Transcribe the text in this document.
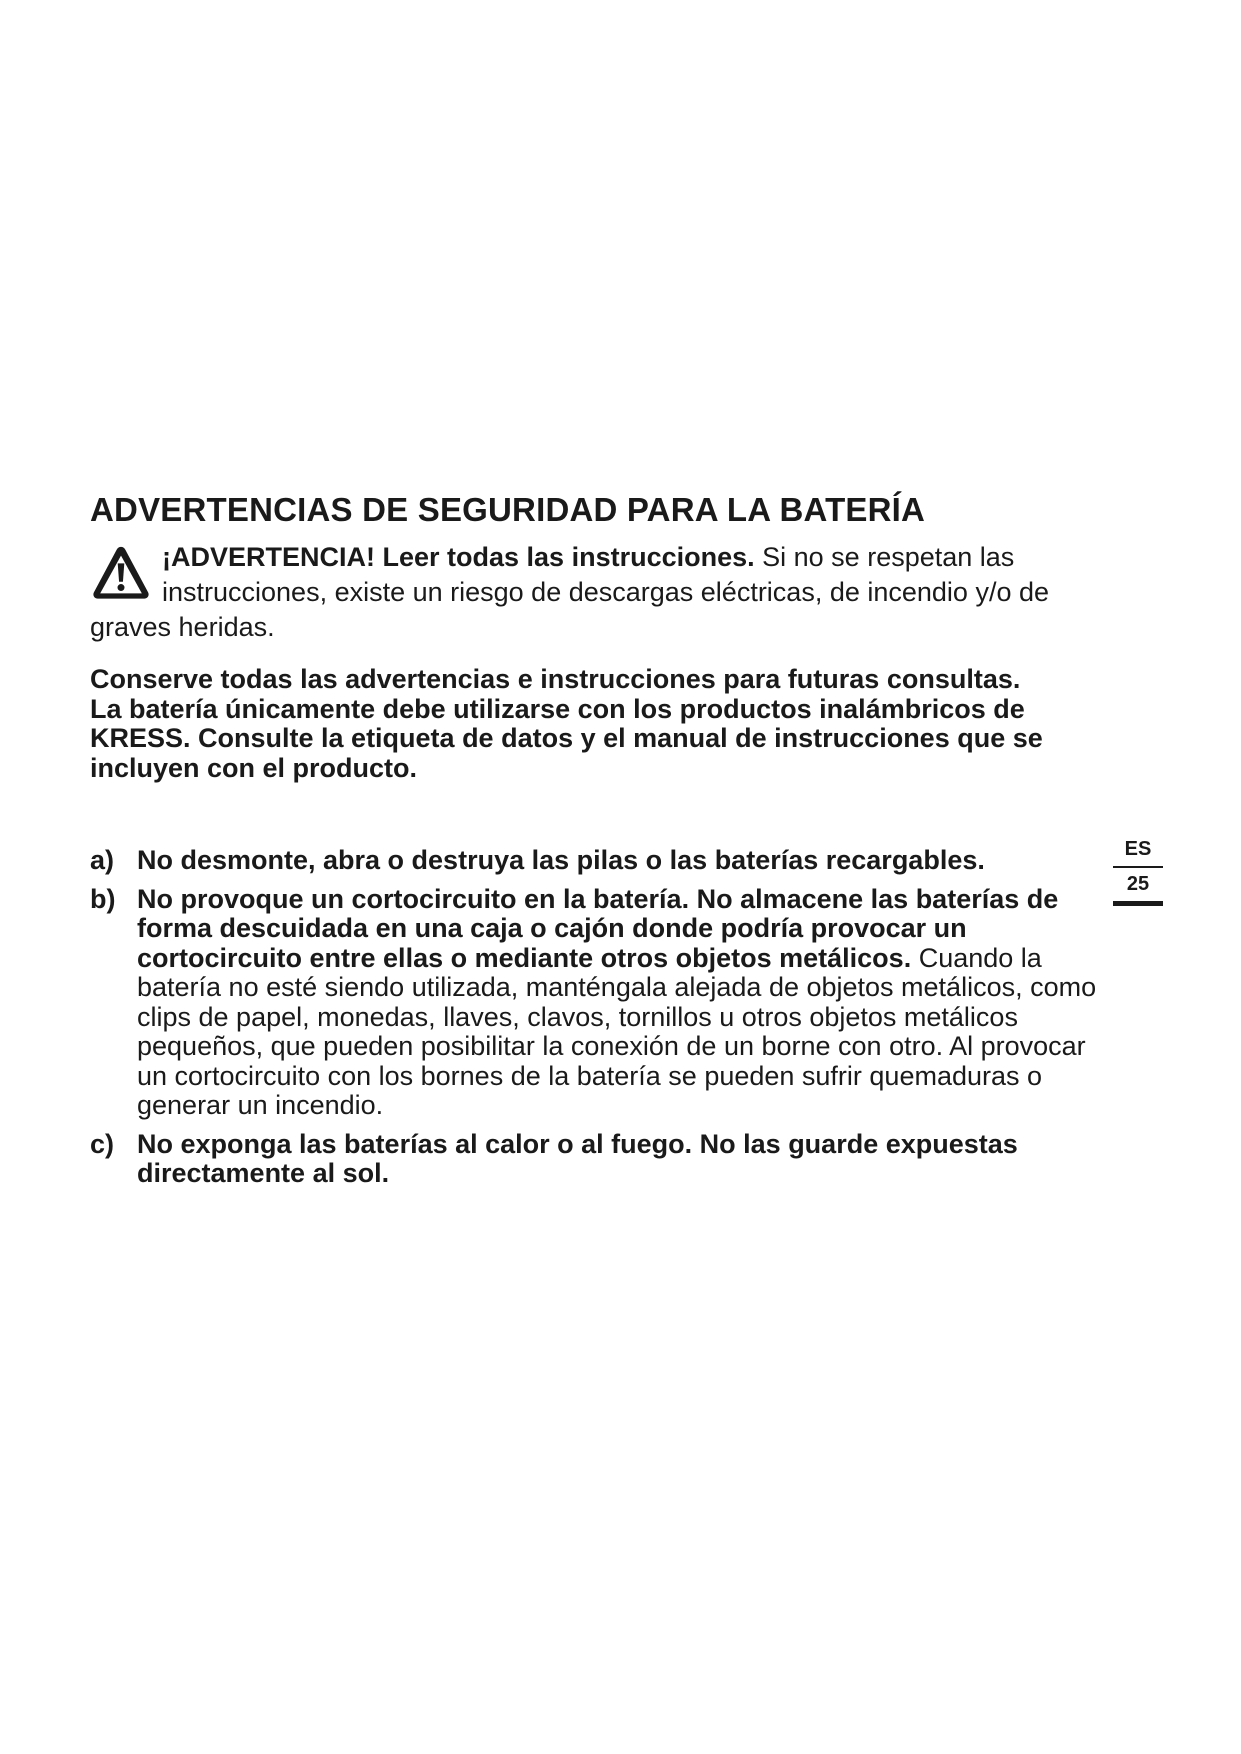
ADVERTENCIAS DE SEGURIDAD PARA LA BATERÍA
¡ADVERTENCIA! Leer todas las instrucciones. Si no se respetan las instrucciones, existe un riesgo de descargas eléctricas, de incendio y/o de graves heridas.

Conserve todas las advertencias e instrucciones para futuras consultas.

La batería únicamente debe utilizarse con los productos inalámbricos de KRESS. Consulte la etiqueta de datos y el manual de instrucciones que se incluyen con el producto.

a) No desmonte, abra o destruya las pilas o las baterías recargables.
b) No provoque un cortocircuito en la batería. No almacene las baterías de forma descuidada en una caja o cajón donde podría provocar un cortocircuito entre ellas o mediante otros objetos metálicos. Cuando la batería no esté siendo utilizada, manténgala alejada de objetos metálicos, como clips de papel, monedas, llaves, clavos, tornillos u otros objetos metálicos pequeños, que pueden posibilitar la conexión de un borne con otro. Al provocar un cortocircuito con los bornes de la batería se pueden sufrir quemaduras o generar un incendio.
c) No exponga las baterías al calor o al fuego. No las guarde expuestas directamente al sol.
ES
25
